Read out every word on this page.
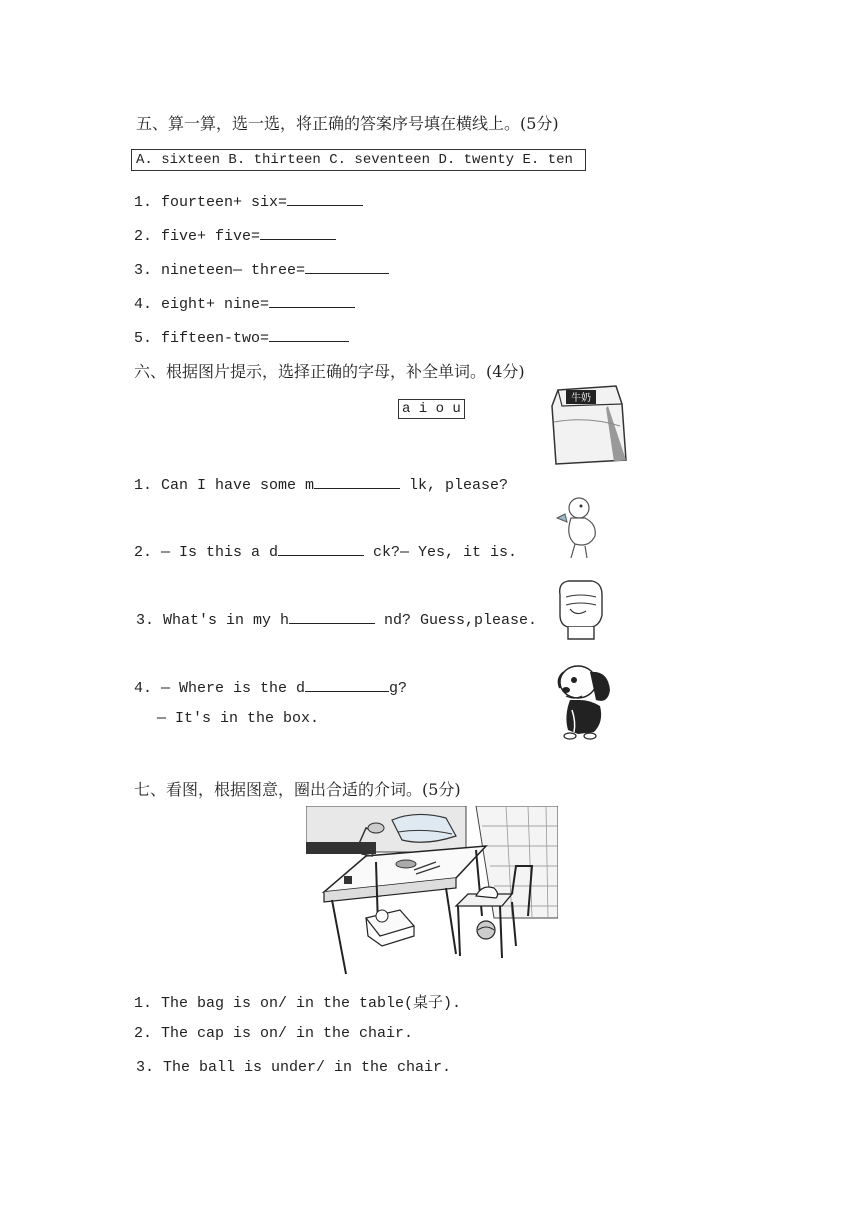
五、算一算，选一选，将正确的答案序号填在横线上。(5分)
A. sixteen B. thirteen C. seventeen D. twenty E. ten
1. fourteen+ six=
2. five+ five=
3. nineteen— three=
4. eight+ nine=
5. fifteen-two=
六、根据图片提示，选择正确的字母，补全单词。(4分)
a i o u
牛奶
1. Can I have some m	lk, please?
2. — Is this a d	ck?— Yes, it is.
3. What's in my h	nd? Guess,please.
4. — Where is the d	g?
— It's in the box.
七、看图，根据图意，圈出合适的介词。(5分)
1. The bag is on/ in the table(桌子).
2. The cap is on/ in the chair.
3. The ball is under/ in the chair.
